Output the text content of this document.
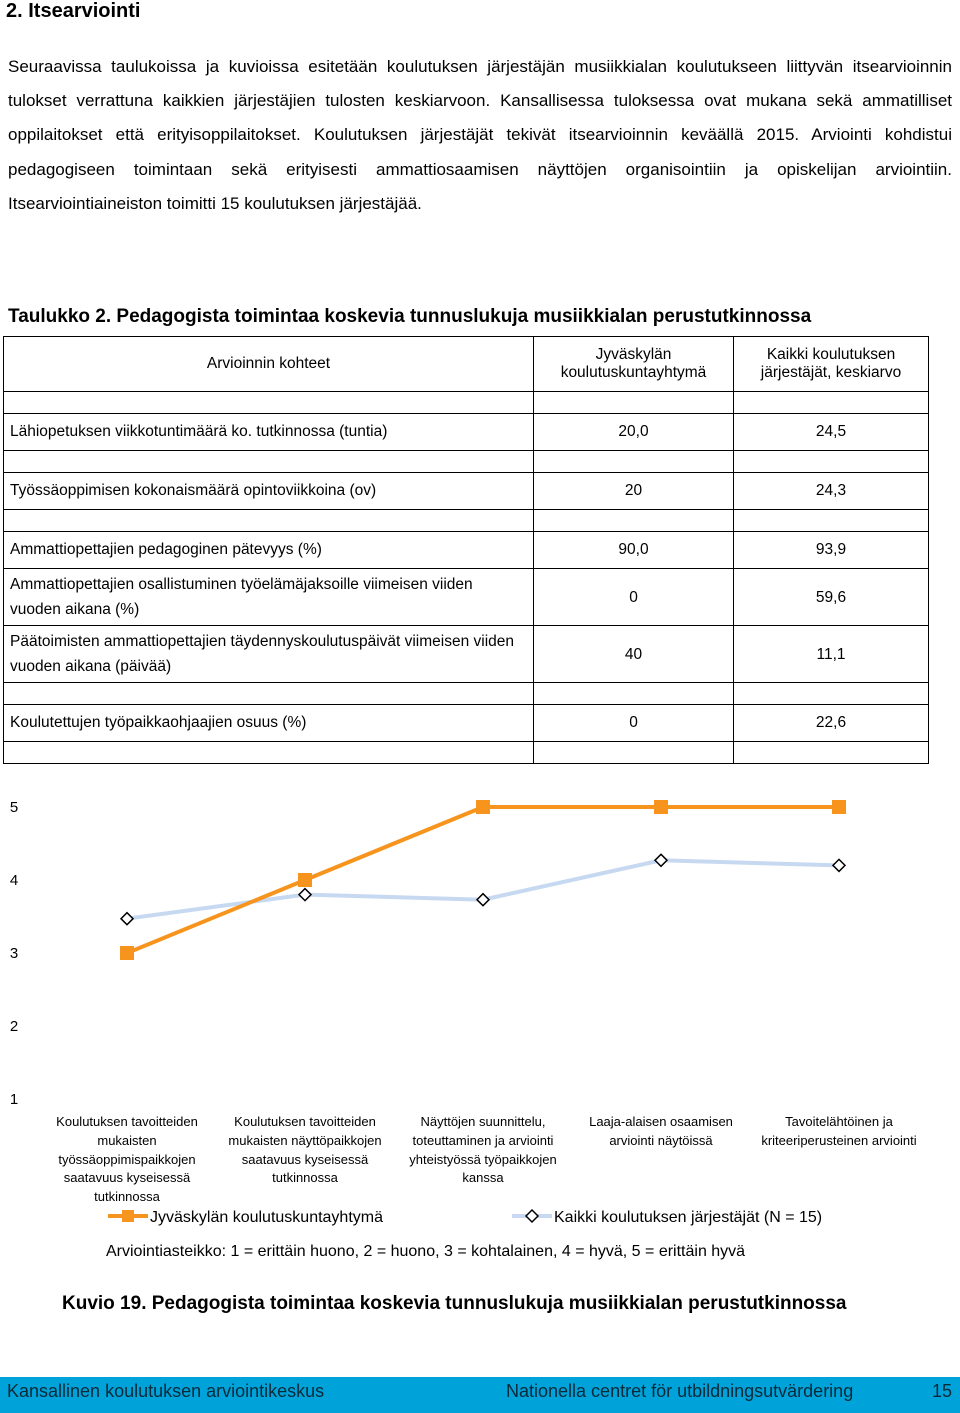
2. Itsearviointi

Seuraavissa taulukoissa ja kuvioissa esitetään koulutuksen järjestäjän musiikkialan koulutukseen liittyvän itsearvioinnin tulokset verrattuna kaikkien järjestäjien tulosten keskiarvoon. Kansallisessa tuloksessa ovat mukana sekä ammatilliset oppilaitokset että erityisoppilaitokset. Koulutuksen järjestäjät tekivät itsearvioinnin keväällä 2015. Arviointi kohdistui pedagogiseen toimintaan sekä erityisesti ammattiosaamisen näyttöjen organisointiin ja opiskelijan arviointiin. Itsearviointiaineiston toimitti 15 koulutuksen järjestäjää.

Taulukko 2. Pedagogista toimintaa koskevia tunnuslukuja musiikkialan perustutkinnossa
Arvioinnin kohteet	Jyväskylän koulutuskuntayhtymä	Kaikki koulutuksen järjestäjät, keskiarvo

Lähiopetuksen viikkotuntimäärä ko. tutkinnossa (tuntia)	20,0	24,5

Työssäoppimisen kokonaismäärä opintoviikkoina (ov)	20	24,3

Ammattiopettajien pedagoginen pätevyys (%)	90,0	93,9
Ammattiopettajien osallistuminen työelämäjaksoille viimeisen viiden vuoden aikana (%)	0	59,6
Päätoimisten ammattiopettajien täydennyskoulutuspäivät viimeisen viiden vuoden aikana (päivää)	40	11,1

Koulutettujen työpaikkaohjaajien osuus (%)	0	22,6

5
4
3
2
1
Koulutuksen tavoitteiden mukaisten työssäoppimispaikkojen saatavuus kyseisessä tutkinnossa
Koulutuksen tavoitteiden mukaisten näyttöpaikkojen saatavuus kyseisessä tutkinnossa
Näyttöjen suunnittelu, toteuttaminen ja arviointi yhteistyössä työpaikkojen kanssa
Laaja-alaisen osaamisen arviointi näytöissä
Tavoitelähtöinen ja kriteeriperusteinen arviointi
Jyväskylän koulutuskuntayhtymä	Kaikki koulutuksen järjestäjät (N = 15)
Arviointiasteikko: 1 = erittäin huono, 2 = huono, 3 = kohtalainen, 4 = hyvä, 5 = erittäin hyvä
Kuvio 19. Pedagogista toimintaa koskevia tunnuslukuja musiikkialan perustutkinnossa
Kansallinen koulutuksen arviointikeskus	Nationella centret för utbildningsutvärdering	15
